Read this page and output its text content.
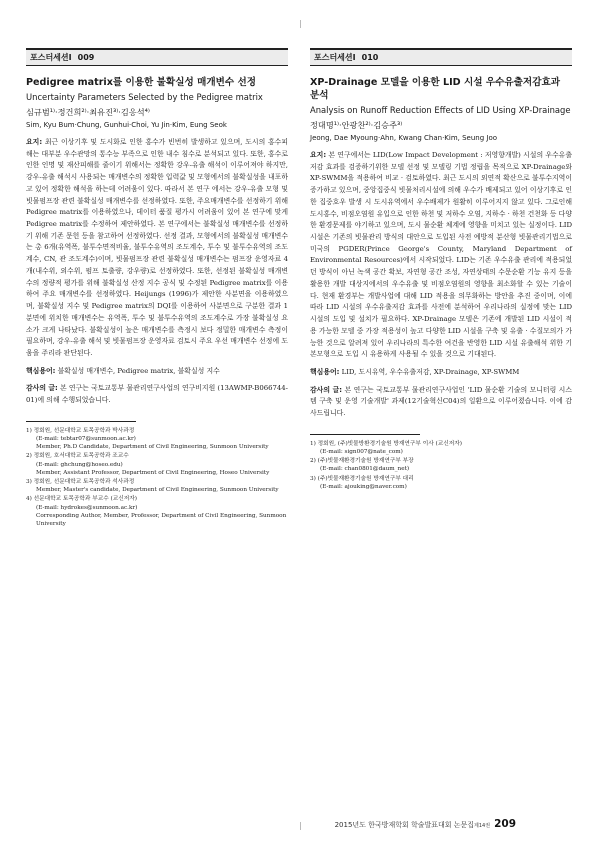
포스터세션Ⅰ 009
Pedigree matrix를 이용한 불확실성 매개변수 선정
Uncertainty Parameters Selected by the Pedigree matrix
심규범¹⁾·정건희²⁾·최유진³⁾·김응석⁴⁾
Sim, Kyu Bum·Chung, Gunhui·Choi, Yu Jin·Kim, Eung Seok
요지: 최근 이상기후 및 도시화로 인한 홍수가 빈번히 발생하고 있으며, 도시의 홍수피해는 대부분 우수관망의 통수능 부족으로 인한 내수 침수로 분석되고 있다. 또한, 홍수로 인한 인명 및 재산피해를 줄이기 위해서는 정확한 강우-유출 해석이 이루어져야 하지만, 강우-유출 해석시 사용되는 매개변수의 정확한 입력값 및 모형에서의 불확실성을 내포하고 있어 정확한 해석을 하는데 어려움이 있다. 따라서 본 연구 에서는 강우-유출 모형 및 빗물펌프장 관련 불확실성 매개변수를 선정하였다. 또한, 주요매개변수를 선정하기 위해 Pedigree matrix를 이용하였으나, 데이터 품질 평가시 어려움이 있어 본 연구에 맞게 Pedigree matrix를 수정하여 제안하였다. 본 연구에서는 불확실성 매개변수를 선정하기 위해 기존 문헌 등을 참고하여 선정하였다. 선정 결과, 모형에서의 불확실성 매개변수는 총 6개(유역폭, 불투수면적비율, 불투수유역의 조도계수, 투수 및 불투수유역의 조도계수, CN, 관 조도계수)이며, 빗물펌프장 관련 불확실성 매개변수는 펌프장 운영자료 4개(내수위, 외수위, 펌프 토출량, 강우량)로 선정하였다. 또한, 선정된 불확실성 매개변수의 정량적 평가를 위해 불확실성 산정 지수 공식 및 수정된 Pedigree matrix를 이용하여 주요 매개변수를 선정하였다. Heijungs (1996)가 제안한 사분면을 이용하였으며, 불확실성 지수 및 Pedigree matrix의 DQI를 이용하여 사분면으로 구분한 결과 1분면에 위치한 매개변수는 유역폭, 투수 및 불투수유역의 조도계수로 가장 불확실성 요소가 크게 나타났다. 불확실성이 높은 매개변수를 측정시 보다 정밀한 매개변수 측정이 필요하며, 강우-유출 해석 및 빗물펌프장 운영자료 검토시 주요 우선 매개변수 선정에 도움을 주리라 판단된다.
핵심용어: 불확실성 매개변수, Pedigree matrix, 불확실성 지수
감사의 글: 본 연구는 국토교통부 물관리연구사업의 연구비지원 (13AWMP-B066744-01)에 의해 수행되었습니다.
1) 정회원, 선문대학교 토목공학과 박사과정
(E-mail: tebtar07@sunmoon.ac.kr)
Member, Ph.D Candidate, Department of Civil Engineering, Sunmoon University
2) 정회원, 호서대학교 토목공학과 조교수
(E-mail: ghchung@hoseo.edu)
Member, Assistant Professor, Department of Civil Engineering, Hoseo University
3) 정회원, 선문대학교 토목공학과 석사과정
Member, Master's candidate, Department of Civil Engineering, Sunmoon University
4) 선문대학교 토목공학과 부교수 (교신저자)
(E-mail: hydrokes@sunmoon.ac.kr)
Corresponding Author, Member, Professor, Department of Civil Engineering, Sunmoon University
포스터세션Ⅰ 010
XP-Drainage 모델을 이용한 LID 시설 우수유출저감효과 분석
Analysis on Runoff Reduction Effects of LID Using XP-Drainage
정대명¹⁾·안광찬²⁾·김승주³⁾
Jeong, Dae Myoung·Ahn, Kwang Chan·Kim, Seung Joo
요지: 본 연구에서는 LID(Low Impact Development : 저영향개발) 시설의 우수유출저감 효과를 검증하기위한 모델 선정 및 모델링 기법 정립을 목적으로 XP-Drainage와 XP-SWMM을 적용하여 비교 · 검토하였다. 최근 도시의 외연적 확산으로 불투수지역이 증가하고 있으며, 중앙집중식 빗물처리시설에 의해 우수가 배제되고 있어 이상기후로 인한 집중호우 발생 시 도시유역에서 우수배제가 원활히 이루어지지 않고 있다. 그로인해 도시홍수, 비점오염원 유입으로 인한 하천 및 저하수 오염, 지하수 · 하천 건천화 등 다양한 환경문제를 야기하고 있으며, 도시 물순환 체계에 영향을 미치고 있는 실정이다. LID 시설은 기존의 빗물관리 방식의 대안으로 도입된 사전 예방적 분산형 빗물관리기법으로 미국의 PGDER(Prince George's County, Maryland Department of Environmental Resources)에서 시작되었다. LID는 기존 우수유출 관리에 적용되었던 방식이 아닌 녹색 공간 확보, 자연형 공간 조성, 자연상태의 수문순환 기능 유지 등을 활용한 개발 대상지에서의 우수유출 및 비점오염원의 영향을 최소화할 수 있는 기술이다. 현재 환경부는 개발사업에 대해 LID 적용을 의무화하는 방안을 추진 중이며, 이에 따라 LID 시설의 우수유출저감 효과를 사전에 분석하여 우리나라의 실정에 맞는 LID 시설의 도입 및 설치가 필요하다. XP-Drainage 모델은 기존에 개발된 LID 시설이 적용 가능한 모델 중 가장 적용성이 높고 다양한 LID 시설을 구축 및 유출 · 수질모의가 가능한 것으로 알려져 있어 우리나라의 특수한 여건을 반영한 LID 시설 유출해석 위한 기본모형으로 도입 시 유용하게 사용될 수 있을 것으로 기대된다.
핵심용어: LID, 도시유역, 우수유출저감, XP-Drainage, XP-SWMM
감사의 글: 본 연구는 국토교통부 물관리연구사업인 'LID 물순환 기술의 모니터링 시스템 구축 및 운영 기술개발' 과제(12기술혁신C04)의 일환으로 이루어졌습니다. 이에 감사드립니다.
1) 정회원, (주)빗물방환경기술원 방재연구부 이사 (교신저자)
(E-mail: sign007@nate_com)
2) (주)빗물재환경기술원 방재연구부 부장
(E-mail: chan0801@daum_net)
3) (주)빗물재환경기술원 방재연구부 대리
(E-mail: ajouking@naver.com)
2015년도 한국방재학회 학술발표대회 논문집 제14권 209
